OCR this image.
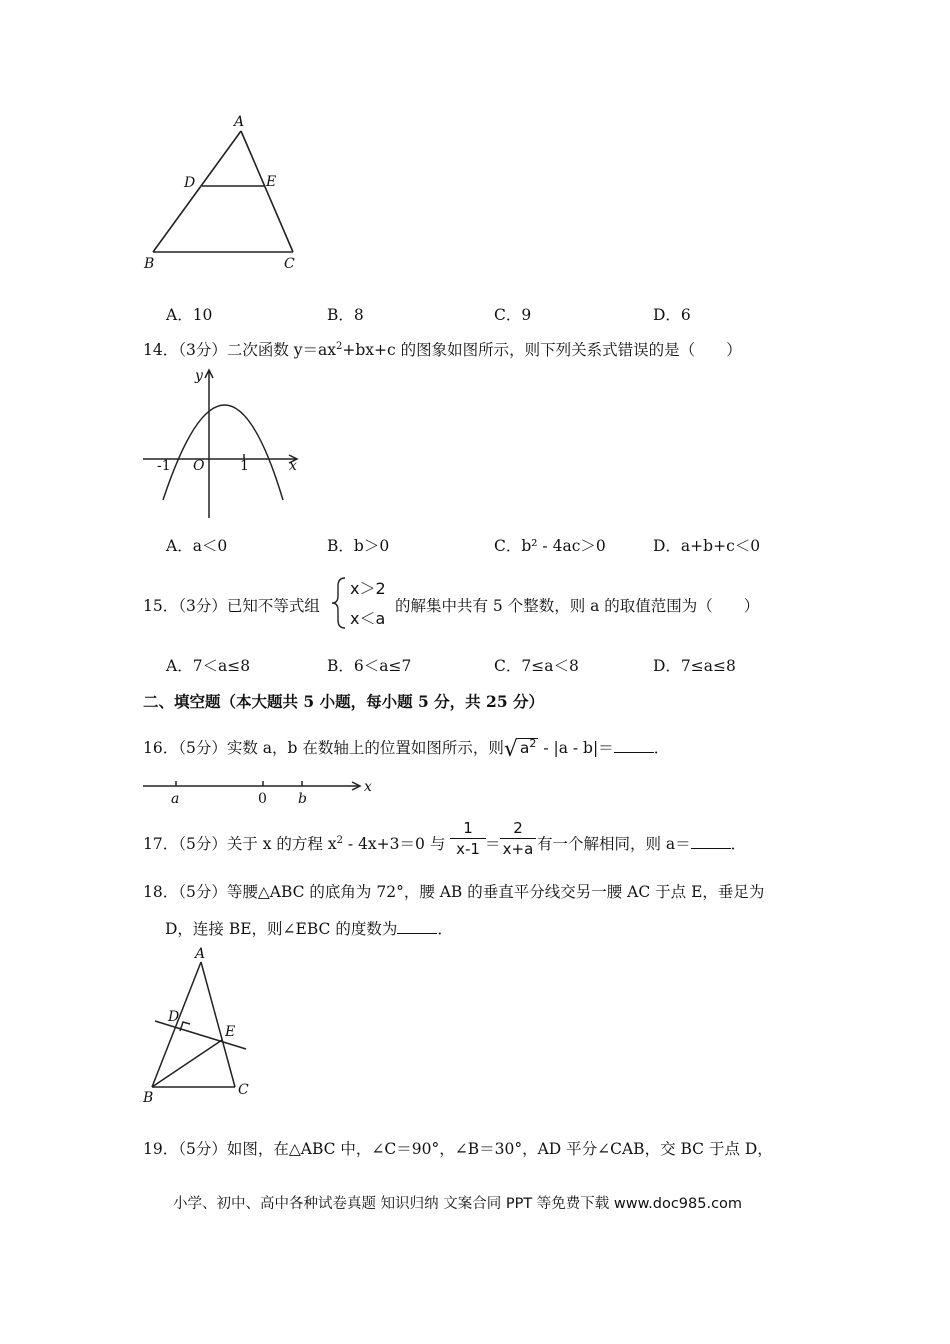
A
D	E
B	C
A．10	B．8	C．9	D．6
14．（3分）二次函数 $y=ax^2+bx+c$ 的图象如图所示，则下列关系式错误的是（　　）
y
x
-1 O	1
A．a＜0	B．b＞0	C．b² - 4ac＞0	D．a+b+c＜0
15．（3分）已知不等式组
x＞2
x＜a
的解集中共有 5 个整数，则 a 的取值范围为（　　）
A．7＜a≤8	B．6＜a≤7	C．7≤a＜8	D．7≤a≤8
二、填空题（本大题共 5 小题，每小题 5 分，共 25 分）
16．（5分）实数 a，b 在数轴上的位置如图所示，则√ $a^2 - |a - b|=$	．
a	0 b
x
17．（5分）关于 x 的方程 $x^2 - 4x+3=0$ 与 $\frac{1}{x-1} = \frac{2}{x+a}$ 有一个解相同，则 a＝	．
18．（5分）等腰△ABC 的底角为 72°，腰 AB 的垂直平分线交另一腰 AC 于点 E，垂足为
D，连接 BE，则∠EBC 的度数为	．
A
D
E
B	C
19．（5分）如图，在△ABC 中，∠C＝90°，∠B＝30°，AD 平分∠CAB，交 BC 于点 D，
小学、初中、高中各种试卷真题 知识归纳 文案合同 PPT 等免费下载 www.doc985.com
